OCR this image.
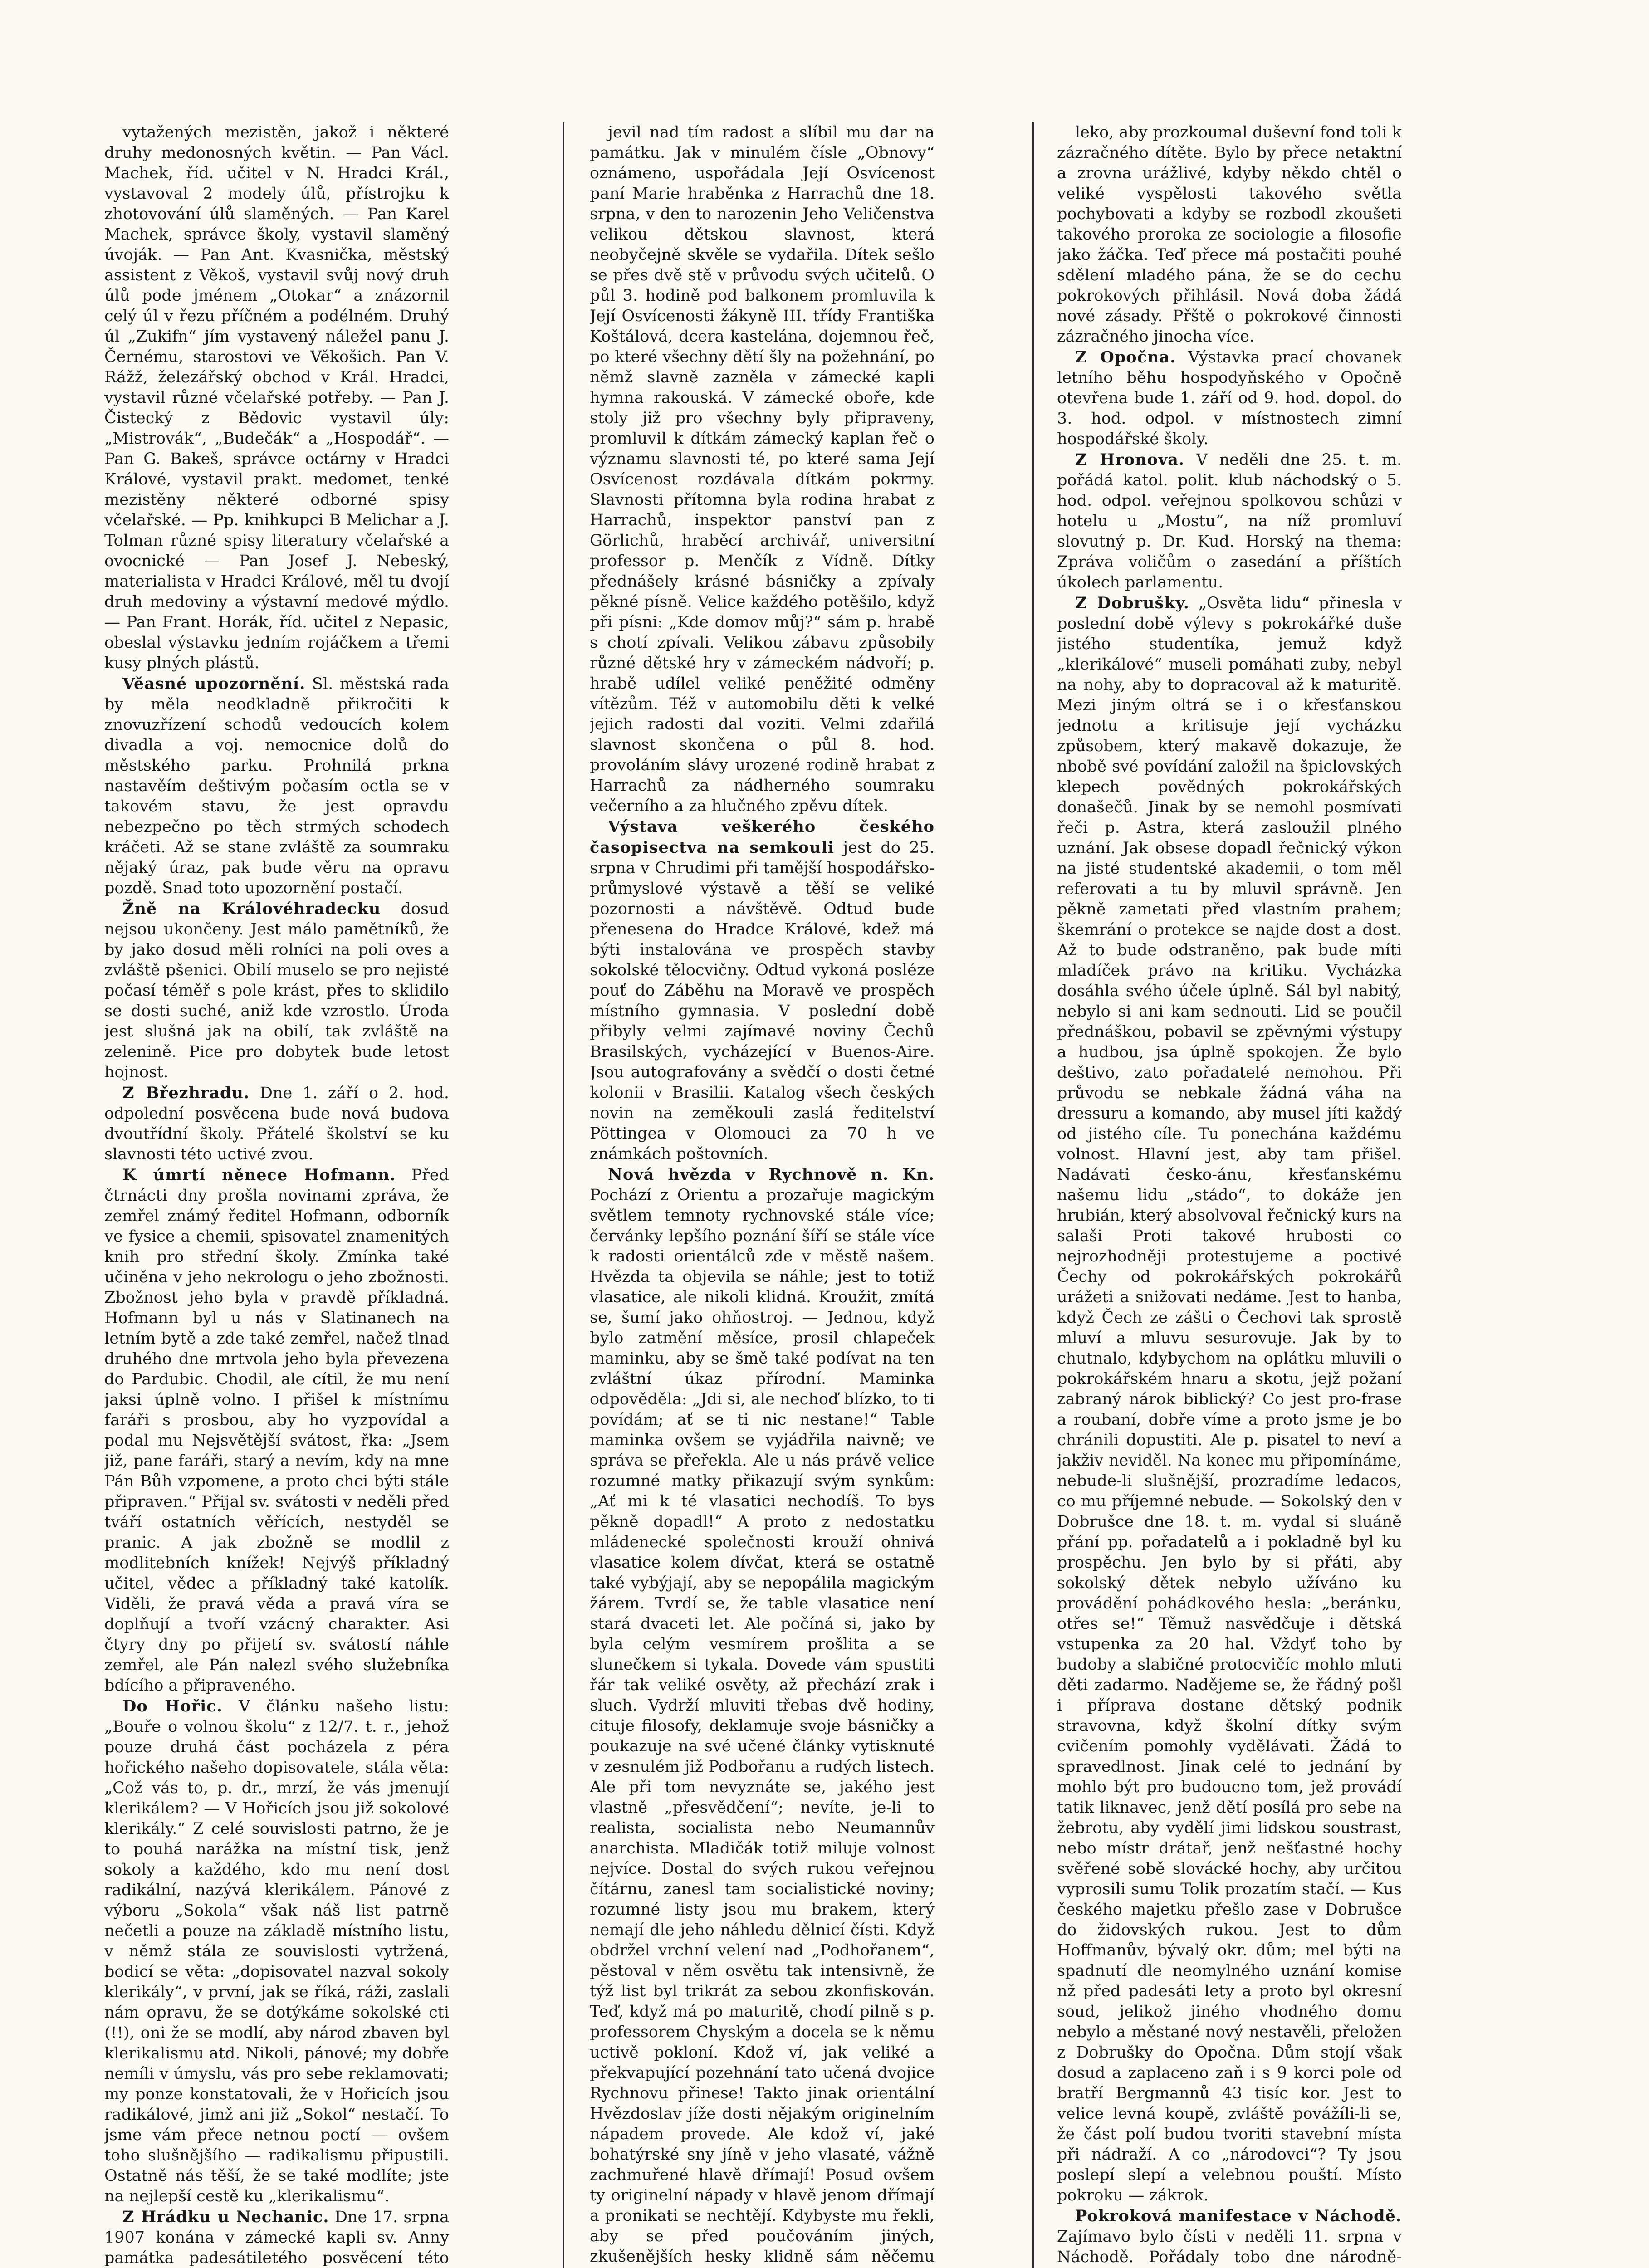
vytažených mezistěn, jakož i některé druhy medonosných květin. — Pan Václ. Machek, říd. učitel v N. Hradci Král., vystavoval 2 modely úlů, přístrojku k zhotovování úlů slaměných. — Pan Karel Machek, správce školy, vystavil slaměný úvoják. — Pan Ant. Kvasnička, městský assistent z Věkoš, vystavil svůj nový druh úlů pode jménem „Otokar“ a znázornil celý úl v řezu příčném a podélném. Druhý úl „Zukifn“ jím vystavený náležel panu J. Černému, starostovi ve Věkošich. Pan V. Rážž, železářský obchod v Král. Hradci, vystavil různé včelařské potřeby. — Pan J. Čistecký z Bědovic vystavil úly: „Mistrovák“, „Budečák“ a „Hospodář“. — Pan G. Bakeš, správce octárny v Hradci Králové, vystavil prakt. medomet, tenké mezistěny některé odborné spisy včelařské. — Pp. knihkupci B Melichar a J. Tolman různé spisy literatury včelařské a ovocnické — Pan Josef J. Nebeský, materialista v Hradci Králové, měl tu dvojí druh medoviny a výstavní medové mýdlo. — Pan Frant. Horák, říd. učitel z Nepasic, obeslal výstavku jedním rojáčkem a třemi kusy plných plástů.

Věasné upozornění. Sl. městská rada by měla neodkladně přikročiti k znovuzřízení schodů vedoucích kolem divadla a voj. nemocnice dolů do městského parku. Prohnilá prkna nastavěím deštivým počasím octla se v takovém stavu, že jest opravdu nebezpečno po těch strmých schodech kráčeti. Až se stane zvláště za soumraku nějaký úraz, pak bude věru na opravu pozdě. Snad toto upozornění postačí.

Žně na Královéhradecku dosud nejsou ukončeny. Jest málo pamětníků, že by jako dosud měli rolníci na poli oves a zvláště pšenici. Obilí muselo se pro nejisté počasí téměř s pole krást, přes to sklidilo se dosti suché, aniž kde vzrostlo. Úroda jest slušná jak na obilí, tak zvláště na zelenině. Pice pro dobytek bude letost hojnost.

Z Březhradu. Dne 1. září o 2. hod. odpolední posvěcena bude nová budova dvoutřídní školy. Přátelé školství se ku slavnosti této uctivé zvou.

K úmrtí něnece Hofmann. Před čtrnácti dny prošla novinami zpráva, že zemřel známý ředitel Hofmann, odborník ve fysice a chemii, spisovatel znamenitých knih pro střední školy. Zmínka také učiněna v jeho nekrologu o jeho zbožnosti. Zbožnost jeho byla v pravdě příkladná. Hofmann byl u nás v Slatinanech na letním bytě a zde také zemřel, načež tlnad druhého dne mrtvola jeho byla převezena do Pardubic. Chodil, ale cítil, že mu není jaksi úplně volno. I přišel k místnímu faráři s prosbou, aby ho vyzpovídal a podal mu Nejsvětější svátost, řka: „Jsem již, pane faráři, starý a nevím, kdy na mne Pán Bůh vzpomene, a proto chci býti stále připraven.“ Přijal sv. svátosti v neděli před tváří ostatních věřících, nestyděl se pranic. A jak zbožně se modlil z modlitebních knížek! Nejvýš příkladný učitel, vědec a příkladný také katolík. Viděli, že pravá věda a pravá víra se doplňují a tvoří vzácný charakter. Asi čtyry dny po přijetí sv. svátostí náhle zemřel, ale Pán nalezl svého služebníka bdícího a připraveného.

Do Hořic. V článku našeho listu: „Bouře o volnou školu“ z 12/7. t. r., jehož pouze druhá část pocházela z péra hořického našeho dopisovatele, stála věta: „Což vás to, p. dr., mrzí, že vás jmenují klerikálem? — V Hořicích jsou již sokolové klerikály.“ Z celé souvislosti patrno, že je to pouhá narážka na místní tisk, jenž sokoly a každého, kdo mu není dost radikální, nazývá klerikálem. Pánové z výboru „Sokola“ však náš list patrně nečetli a pouze na základě místního listu, v němž stála ze souvislosti vytržená, bodicí se věta: „dopisovatel nazval sokoly klerikály“, v první, jak se říká, ráži, zaslali nám opravu, že se dotýkáme sokolské cti (!!), oni že se modlí, aby národ zbaven byl klerikalismu atd. Nikoli, pánové; my dobře nemíli v úmyslu, vás pro sebe reklamovati; my ponze konstatovali, že v Hořicích jsou radikálové, jimž ani již „Sokol“ nestačí. To jsme vám přece netnou poctí — ovšem toho slušnějšího — radikalismu připustili. Ostatně nás těší, že se také modlíte; jste na nejlepší cestě ku „klerikalismu“.

Z Hrádku u Nechanic. Dne 17. srpna 1907 konána v zámecké kapli sv. Anny památka padesátiletého posvěcení této

jevil nad tím radost a slíbil mu dar na památku. Jak v minulém čísle „Obnovy“ oznámeno, uspořádala Její Osvícenost paní Marie hraběnka z Harrachů dne 18. srpna, v den to narozenin Jeho Veličenstva velikou dětskou slavnost, která neobyčejně skvěle se vydařila. Dítek sešlo se přes dvě stě v průvodu svých učitelů. O půl 3. hodině pod balkonem promluvila k Její Osvícenosti žákyně III. třídy Františka Koštálová, dcera kastelána, dojemnou řeč, po které všechny dětí šly na požehnání, po němž slavně zazněla v zámecké kapli hymna rakouská. V zámecké oboře, kde stoly již pro všechny byly připraveny, promluvil k dítkám zámecký kaplan řeč o významu slavnosti té, po které sama Její Osvícenost rozdávala dítkám pokrmy. Slavnosti přítomna byla rodina hrabat z Harrachů, inspektor panství pan z Görlichů, hraběcí archivář, universitní professor p. Menčík z Vídně. Dítky přednášely krásné básničky a zpívaly pěkné písně. Velice každého potěšilo, když při písni: „Kde domov můj?“ sám p. hrabě s chotí zpívali. Velikou zábavu způsobily různé dětské hry v zámeckém nádvoří; p. hrabě udílel veliké peněžité odměny vítězům. Též v automobilu děti k velké jejich radosti dal voziti. Velmi zdařilá slavnost skončena o půl 8. hod. provoláním slávy urozené rodině hrabat z Harrachů za nádherného soumraku večerního a za hlučného zpěvu dítek.

Výstava veškerého českého časopisectva na semkouli jest do 25. srpna v Chrudimi při tamější hospodářsko-průmyslové výstavě a těší se veliké pozornosti a návštěvě. Odtud bude přenesena do Hradce Králové, kdež má býti instalována ve prospěch stavby sokolské tělocvičny. Odtud vykoná posléze pouť do Záběhu na Moravě ve prospěch místního gymnasia. V poslední době přibyly velmi zajímavé noviny Čechů Brasilských, vycházející v Buenos-Aire. Jsou autografovány a svědčí o dosti četné kolonii v Brasilii. Katalog všech českých novin na zeměkouli zaslá ředitelství Pöttingea v Olomouci za 70 h ve známkách poštovních.

Nová hvězda v Rychnově n. Kn. Pochází z Orientu a prozařuje magickým světlem temnoty rychnovské stále více; červánky lepšího poznání šíří se stále více k radosti orientálců zde v městě našem. Hvězda ta objevila se náhle; jest to totiž vlasatice, ale nikoli klidná. Kroužit, zmítá se, šumí jako ohňostroj. — Jednou, když bylo zatmění měsíce, prosil chlapeček maminku, aby se šmě také podívat na ten zvláštní úkaz přírodní. Maminka odpověděla: „Jdi si, ale nechoď blízko, to ti povídám; ať se ti nic nestane!“ Table maminka ovšem se vyjádřila naivně; ve správa se přeřekla. Ale u nás právě velice rozumné matky přikazují svým synkům: „Ať mi k té vlasatici nechodíš. To bys pěkně dopadl!“ A proto z nedostatku mládenecké společnosti krouží ohnivá vlasatice kolem dívčat, která se ostatně také vybýjají, aby se nepopálila magickým žárem. Tvrdí se, že table vlasatice není stará dvaceti let. Ale počíná si, jako by byla celým vesmírem prošlita a se slunečkem si tykala. Dovede vám spustiti řár tak veliké osvěty, až přechází zrak i sluch. Vydrží mluviti třebas dvě hodiny, cituje filosofy, deklamuje svoje básničky a poukazuje na své učené články vytisknuté v zesnulém již Podbořanu a rudých listech. Ale při tom nevyznáte se, jakého jest vlastně „přesvědčení“; nevíte, je-li to realista, socialista nebo Neumannův anarchista. Mladičák totiž miluje volnost nejvíce. Dostal do svých rukou veřejnou čítárnu, zanesl tam socialistické noviny; rozumné listy jsou mu brakem, který nemají dle jeho náhledu dělnicí čísti. Když obdržel vrchní velení nad „Podhořanem“, pěstoval v něm osvětu tak intensivně, že týž list byl trikrát za sebou zkonfiskován. Teď, když má po maturitě, chodí pilně s p. professorem Chyským a docela se k němu uctivě pokloní. Kdož ví, jak veliké a překvapující pozehnání tato učená dvojice Rychnovu přinese! Takto jinak orientální Hvězdoslav jíže dosti nějakým originelním nápadem provede. Ale kdož ví, jaké bohatýrské sny jíně v jeho vlasaté, vážně zachmuřené hlavě dřímají! Posud ovšem ty originelní nápady v hlavě jenom dřímají a pronikati se nechtějí. Kdybyste mu řekli, aby se před poučováním jiných, zkušenějších hesky klidně sám něčemu

leko, aby prozkoumal duševní fond toli k zázračného dítěte. Bylo by přece netaktní a zrovna urážlivé, kdyby někdo chtěl o veliké vyspělosti takového světla pochybovati a kdyby se rozbodl zkoušeti takového proroka ze sociologie a filosofie jako žáčka. Teď přece má postačiti pouhé sdělení mladého pána, že se do cechu pokrokových přihlásil. Nová doba žádá nové zásady. Přště o pokrokové činnosti zázračného jinocha více.

Z Opočna. Výstavka prací chovanek letního běhu hospodyňského v Opočně otevřena bude 1. září od 9. hod. dopol. do 3. hod. odpol. v místnostech zimní hospodářské školy.

Z Hronova. V neděli dne 25. t. m. pořádá katol. polit. klub náchodský o 5. hod. odpol. veřejnou spolkovou schůzi v hotelu u „Mostu“, na níž promluví slovutný p. Dr. Kud. Horský na thema: Zpráva voličům o zasedání a příštích úkolech parlamentu.

Z Dobrušky. „Osvěta lidu“ přinesla v poslední době výlevy s pokrokářké duše jistého studentíka, jemuž když „klerikálové“ museli pomáhati zuby, nebyl na nohy, aby to dopracoval až k maturitě. Mezi jiným oltrá se i o křesťanskou jednotu a kritisuje její vycházku způsobem, který makavě dokazuje, že nbobě své povídání založil na špiclovských klepech povědných pokrokářských donašečů. Jinak by se nemohl posmívati řeči p. Astra, která zasloužil plného uznání. Jak obsese dopadl řečnický výkon na jisté studentské akademii, o tom měl referovati a tu by mluvil správně. Jen pěkně zametati před vlastním prahem; škemrání o protekce se najde dost a dost. Až to bude odstraněno, pak bude míti mladíček právo na kritiku. Vycházka dosáhla svého účele úplně. Sál byl nabitý, nebylo si ani kam sednouti. Lid se poučil přednáškou, pobavil se zpěvnými výstupy a hudbou, jsa úplně spokojen. Že bylo deštivo, zato pořadatelé nemohou. Při průvodu se nebkale žádná váha na dressuru a komando, aby musel jíti každý od jistého cíle. Tu ponechána každému volnost. Hlavní jest, aby tam přišel. Nadávati česko-ánu, křesťanskému našemu lidu „stádo“, to dokáže jen hrubián, který absolvoval řečnický kurs na salaši Proti takové hrubosti co nejrozhodněji protestujeme a poctivé Čechy od pokrokářských pokrokářů urážeti a snižovati nedáme. Jest to hanba, když Čech ze zášti o Čechovi tak sprostě mluví a mluvu sesurovuje. Jak by to chutnalo, kdybychom na oplátku mluvili o pokrokářském hnaru a skotu, jejž požaní zabraný nárok biblický? Co jest pro-frase a roubaní, dobře víme a proto jsme je bo chránili dopustiti. Ale p. pisatel to neví a jakživ neviděl. Na konec mu připomínáme, nebude-li slušnější, prozradíme ledacos, co mu příjemné nebude. — Sokolský den v Dobrušce dne 18. t. m. vydal si sluáně přání pp. pořadatelů a i pokladně byl ku prospěchu. Jen bylo by si přáti, aby sokolský dětek nebylo užíváno ku provádění pohádkového hesla: „beránku, otřes se!“ Těmuž nasvědčuje i dětská vstupenka za 20 hal. Vždyť toho by budoby a slabičné protocvičíc mohlo mluti děti zadarmo. Nadějeme se, že řádný pošl i příprava dostane dětský podnik stravovna, když školní dítky svým cvičením pomohly vydělávati. Žádá to spravedlnost. Jinak celé to jednání by mohlo být pro budoucno tom, jež provádí tatik liknavec, jenž dětí posílá pro sebe na žebrotu, aby vydělí jimi lidskou soustrast, nebo místr drátař, jenž nešťastné hochy svěřené sobě slovácké hochy, aby určitou vyprosili sumu Tolik prozatím stačí. — Kus českého majetku přešlo zase v Dobrušce do židovských rukou. Jest to dům Hoffmanův, bývalý okr. dům; mel býti na spadnutí dle neomylného uznání komise nž před padesáti lety a proto byl okresní soud, jelikož jiného vhodného domu nebylo a městané nový nestavěli, přeložen z Dobrušky do Opočna. Dům stojí však dosud a zaplaceno zaň i s 9 korci pole od bratří Bergmannů 43 tisíc kor. Jest to velice levná koupě, zvláště povážíli-li se, že část polí budou tvoriti stavební místa při nádraží. A co „národovci“? Ty jsou poslepí slepí a velebnou pouští. Místo pokroku — zákrok.

Pokroková manifestace v Náchodě. Zajímavo bylo čísti v neděli 11. srpna v Náchodě. Pořádaly tobo dne národně-
